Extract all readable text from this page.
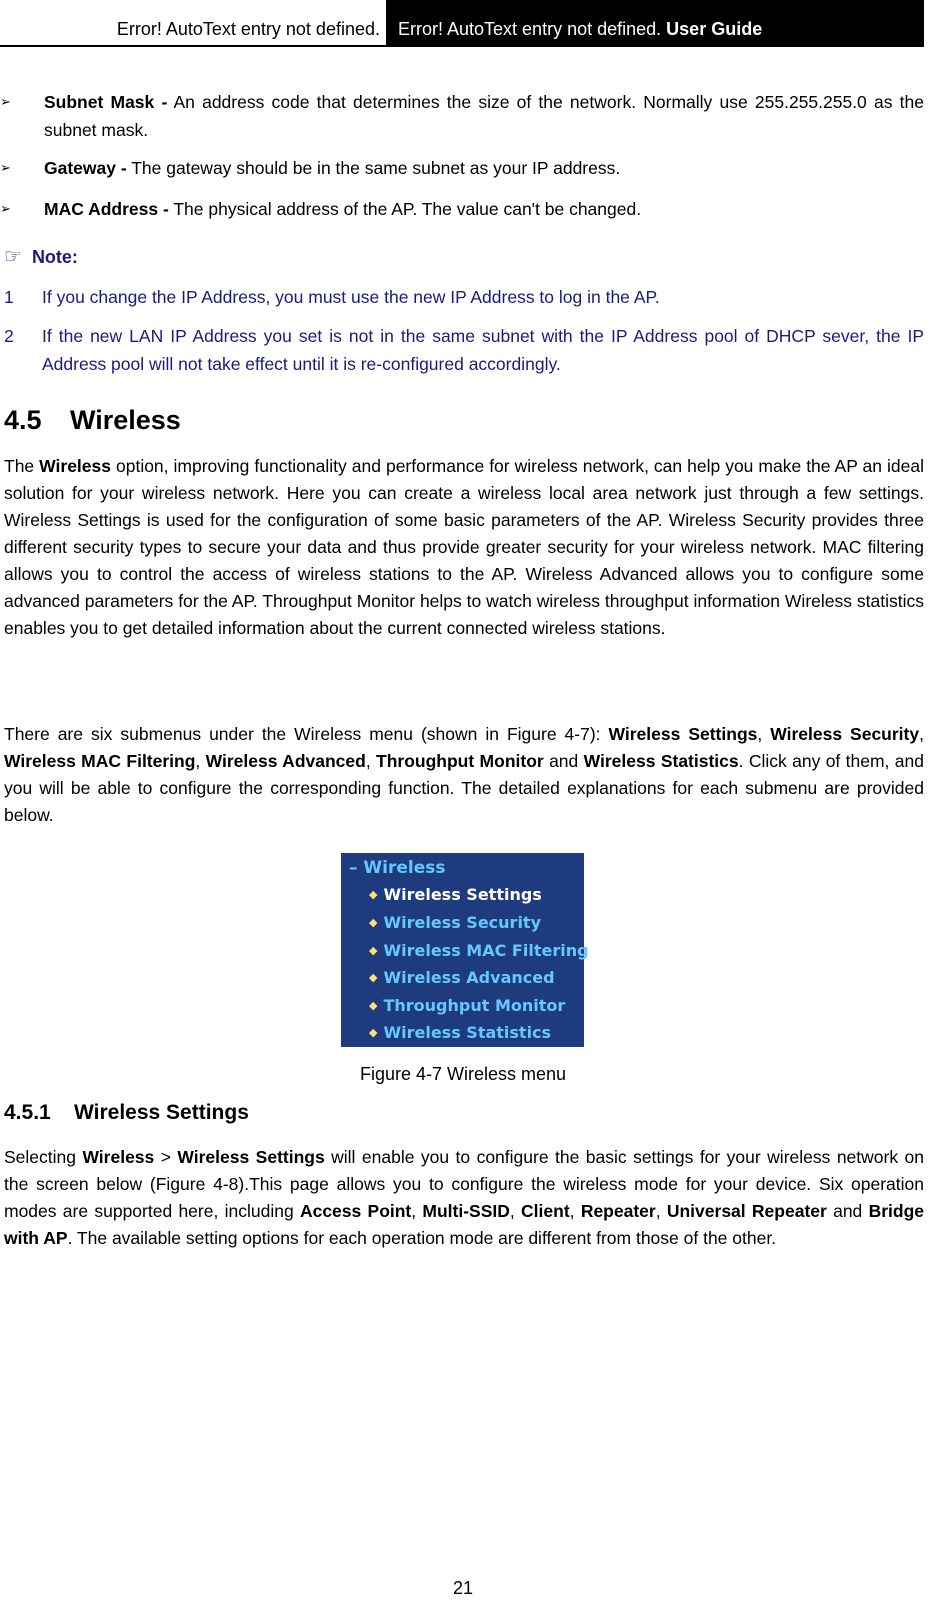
Error! AutoText entry not defined.	Error! AutoText entry not defined. User Guide
➢	Subnet Mask - An address code that determines the size of the network. Normally use 255.255.255.0 as the subnet mask.
➢	Gateway - The gateway should be in the same subnet as your IP address.
➢	MAC Address - The physical address of the AP. The value can't be changed.
☞ Note:
1 If you change the IP Address, you must use the new IP Address to log in the AP.
2 If the new LAN IP Address you set is not in the same subnet with the IP Address pool of DHCP sever, the IP Address pool will not take effect until it is re-configured accordingly.
4.5 Wireless
The Wireless option, improving functionality and performance for wireless network, can help you make the AP an ideal solution for your wireless network. Here you can create a wireless local area network just through a few settings. Wireless Settings is used for the configuration of some basic parameters of the AP. Wireless Security provides three different security types to secure your data and thus provide greater security for your wireless network. MAC filtering allows you to control the access of wireless stations to the AP. Wireless Advanced allows you to configure some advanced parameters for the AP. Throughput Monitor helps to watch wireless throughput information Wireless statistics enables you to get detailed information about the current connected wireless stations.
There are six submenus under the Wireless menu (shown in Figure 4-7): Wireless Settings, Wireless Security, Wireless MAC Filtering, Wireless Advanced, Throughput Monitor and Wireless Statistics. Click any of them, and you will be able to configure the corresponding function. The detailed explanations for each submenu are provided below.
– Wireless
◆ Wireless Settings
◆ Wireless Security
◆ Wireless MAC Filtering
◆ Wireless Advanced
◆ Throughput Monitor
◆ Wireless Statistics
Figure 4-7 Wireless menu
4.5.1 Wireless Settings
Selecting Wireless > Wireless Settings will enable you to configure the basic settings for your wireless network on the screen below (Figure 4-8).This page allows you to configure the wireless mode for your device. Six operation modes are supported here, including Access Point, Multi-SSID, Client, Repeater, Universal Repeater and Bridge with AP. The available setting options for each operation mode are different from those of the other.
21
